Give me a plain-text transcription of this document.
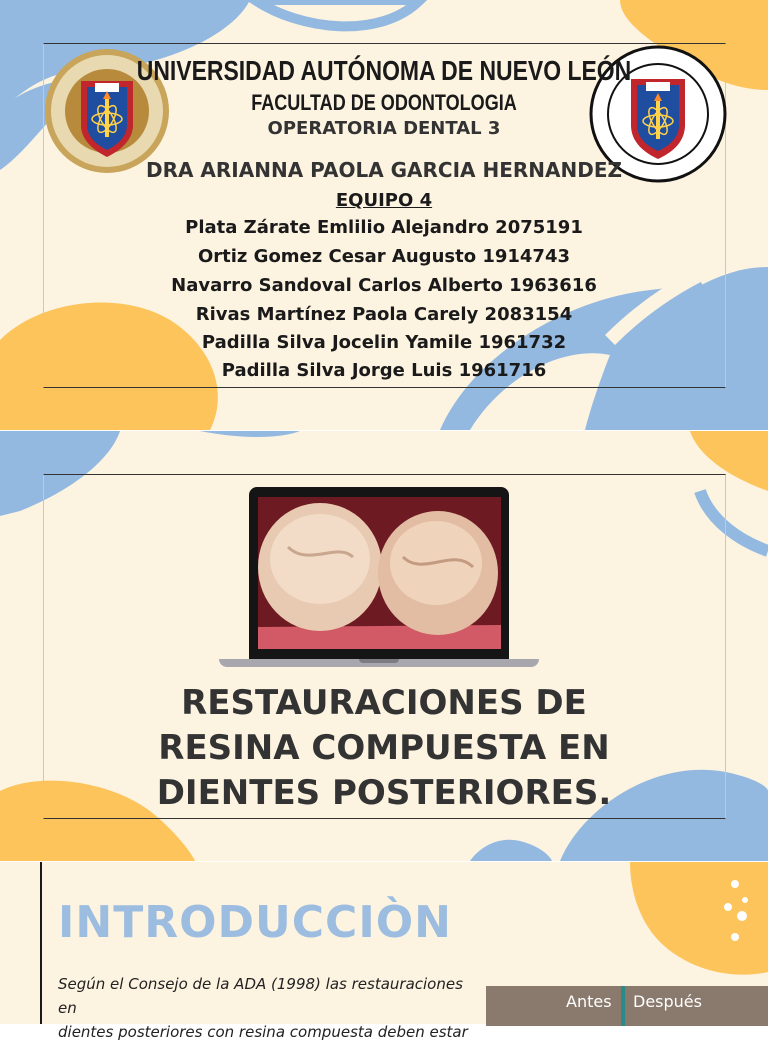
UNIVERSIDAD AUTÓNOMA DE NUEVO LEÓN
FACULTAD DE ODONTOLOGIA
OPERATORIA DENTAL 3
DRA ARIANNA PAOLA GARCIA HERNANDEZ
EQUIPO 4
Plata Zárate Emlilio Alejandro 2075191
Ortiz Gomez Cesar Augusto 1914743
Navarro Sandoval Carlos Alberto 1963616
Rivas Martínez Paola Carely 2083154
Padilla Silva Jocelin Yamile 1961732
Padilla Silva Jorge Luis 1961716
RESTAURACIONES DE
RESINA COMPUESTA EN
DIENTES POSTERIORES.
INTRODUCCIÒN
Según el Consejo de la ADA (1998) las restauraciones en
dientes posteriores con resina compuesta deben estar
Antes Después
